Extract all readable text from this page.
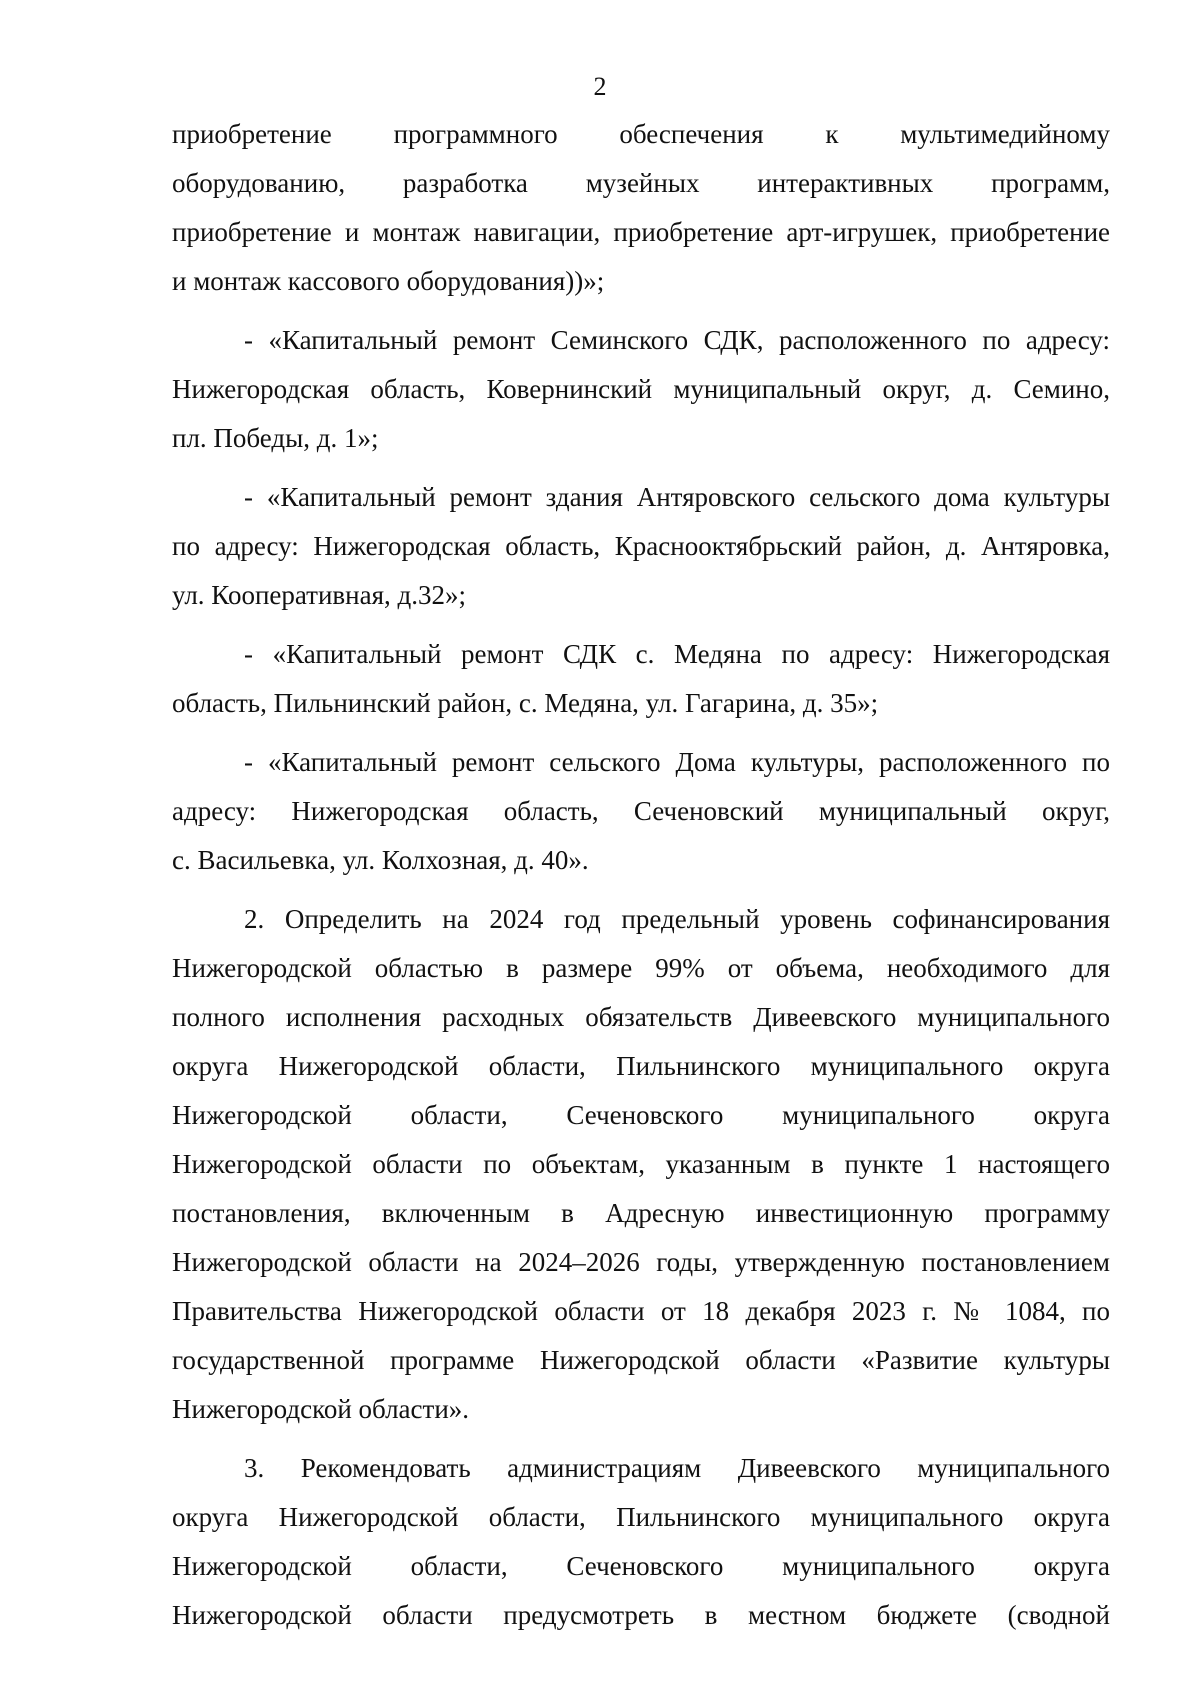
2
приобретение программного обеспечения к мультимедийному
оборудованию, разработка музейных интерактивных программ,
приобретение и монтаж навигации, приобретение арт-игрушек, приобретение
и монтаж кассового оборудования))»;
- «Капитальный ремонт Семинского СДК, расположенного по адресу:
Нижегородская область, Ковернинский муниципальный округ, д. Семино,
пл. Победы, д. 1»;
- «Капитальный ремонт здания Антяровского сельского дома культуры
по адресу: Нижегородская область, Краснооктябрьский район, д. Антяровка,
ул. Кооперативная, д.32»;
- «Капитальный ремонт СДК с. Медяна по адресу: Нижегородская
область, Пильнинский район, с. Медяна, ул. Гагарина, д. 35»;
- «Капитальный ремонт сельского Дома культуры, расположенного по
адресу: Нижегородская область, Сеченовский муниципальный округ,
с. Васильевка, ул. Колхозная, д. 40».
2. Определить на 2024 год предельный уровень софинансирования
Нижегородской областью в размере 99% от объема, необходимого для
полного исполнения расходных обязательств Дивеевского муниципального
округа Нижегородской области, Пильнинского муниципального округа
Нижегородской области, Сеченовского муниципального округа
Нижегородской области по объектам, указанным в пункте 1 настоящего
постановления, включенным в Адресную инвестиционную программу
Нижегородской области на 2024–2026 годы, утвержденную постановлением
Правительства Нижегородской области от 18 декабря 2023 г. № 1084, по
государственной программе Нижегородской области «Развитие культуры
Нижегородской области».
3. Рекомендовать администрациям Дивеевского муниципального
округа Нижегородской области, Пильнинского муниципального округа
Нижегородской области, Сеченовского муниципального округа
Нижегородской области предусмотреть в местном бюджете (сводной
